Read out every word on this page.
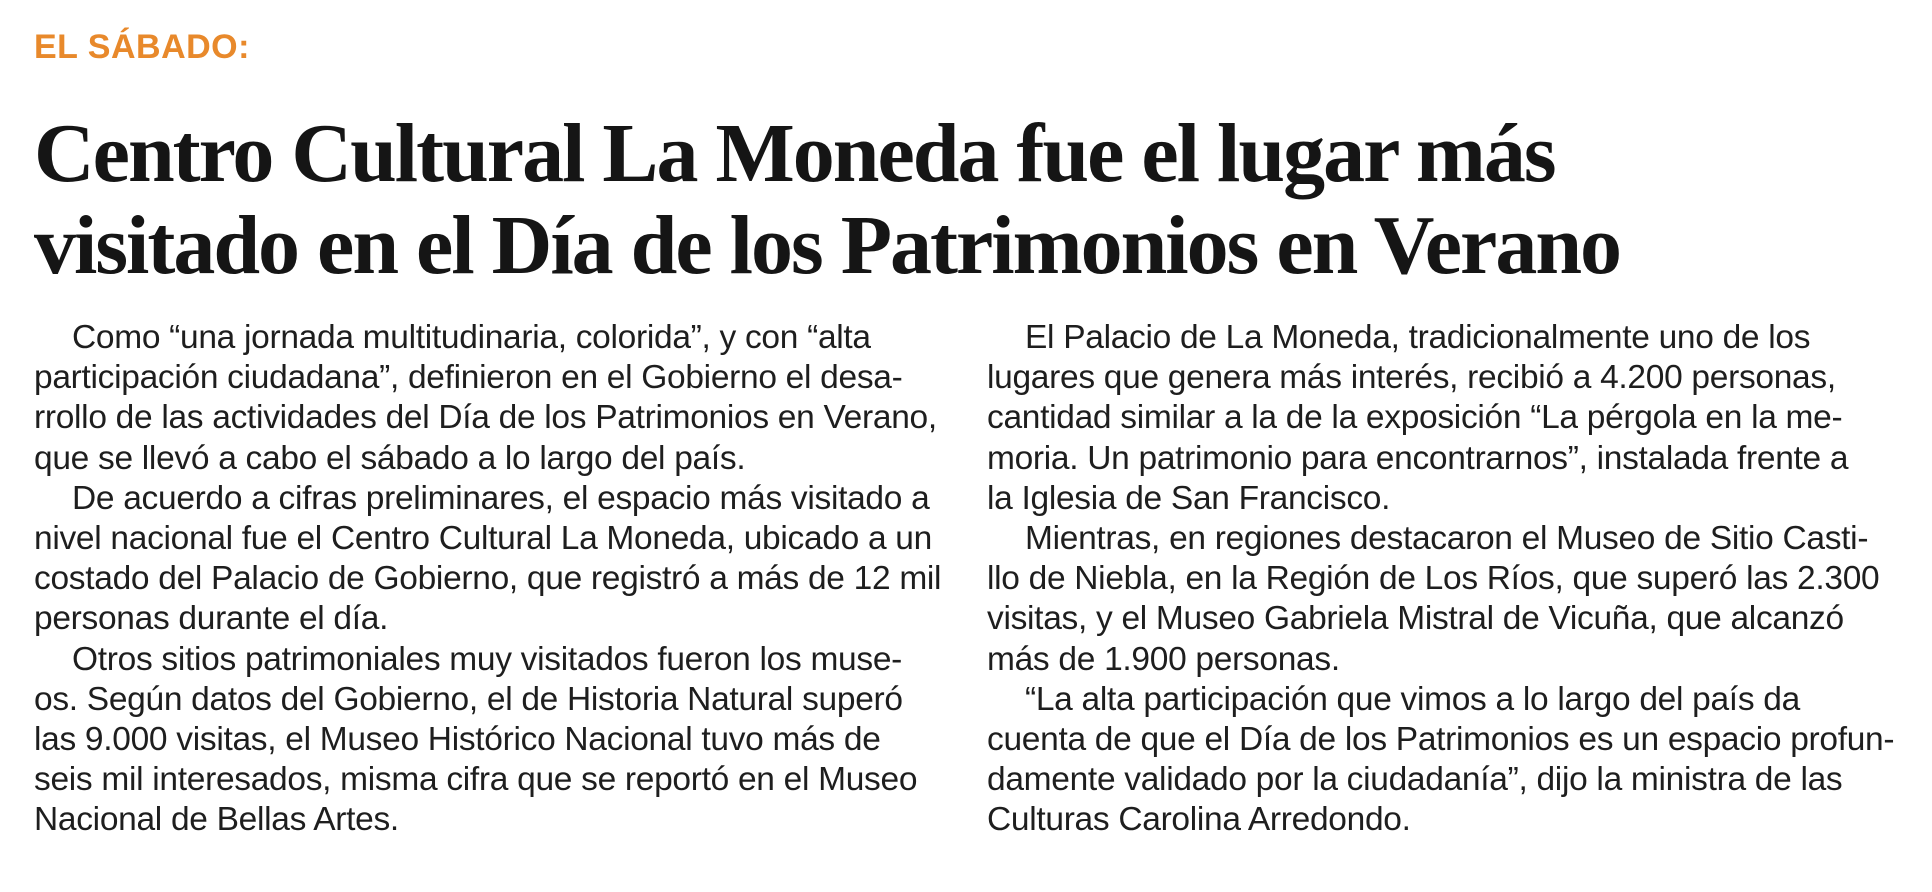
EL SÁBADO:

Centro Cultural La Moneda fue el lugar más
visitado en el Día de los Patrimonios en Verano
Como “una jornada multitudinaria, colorida”, y con “alta
participación ciudadana”, definieron en el Gobierno el desa-
rrollo de las actividades del Día de los Patrimonios en Verano,
que se llevó a cabo el sábado a lo largo del país.
De acuerdo a cifras preliminares, el espacio más visitado a
nivel nacional fue el Centro Cultural La Moneda, ubicado a un
costado del Palacio de Gobierno, que registró a más de 12 mil
personas durante el día.
Otros sitios patrimoniales muy visitados fueron los muse-
os. Según datos del Gobierno, el de Historia Natural superó
las 9.000 visitas, el Museo Histórico Nacional tuvo más de
seis mil interesados, misma cifra que se reportó en el Museo
Nacional de Bellas Artes.
El Palacio de La Moneda, tradicionalmente uno de los
lugares que genera más interés, recibió a 4.200 personas,
cantidad similar a la de la exposición “La pérgola en la me-
moria. Un patrimonio para encontrarnos”, instalada frente a
la Iglesia de San Francisco.
Mientras, en regiones destacaron el Museo de Sitio Casti-
llo de Niebla, en la Región de Los Ríos, que superó las 2.300
visitas, y el Museo Gabriela Mistral de Vicuña, que alcanzó
más de 1.900 personas.
“La alta participación que vimos a lo largo del país da
cuenta de que el Día de los Patrimonios es un espacio profun-
damente validado por la ciudadanía”, dijo la ministra de las
Culturas Carolina Arredondo.
